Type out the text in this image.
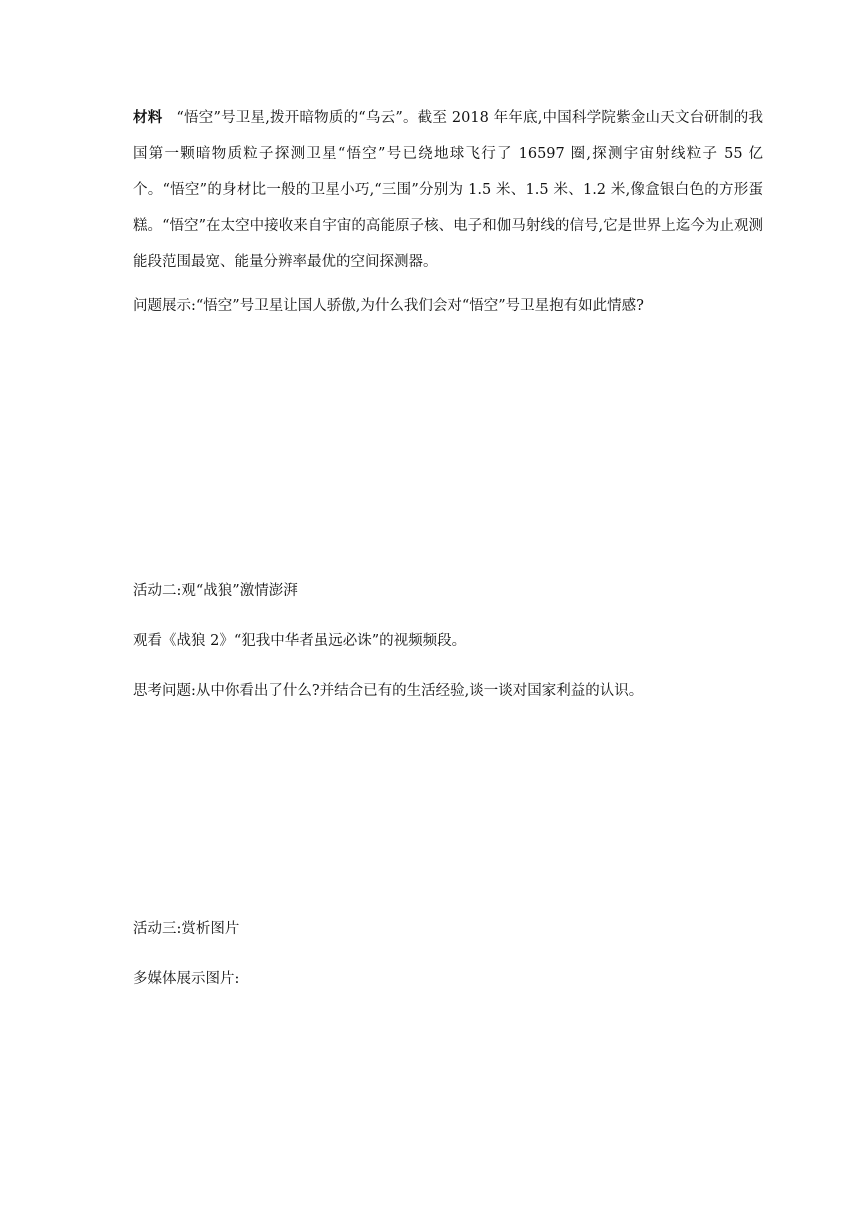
材料 “悟空”号卫星,拨开暗物质的“乌云”。截至 2018 年年底,中国科学院紫金山天文台研制的我国第一颗暗物质粒子探测卫星“悟空”号已绕地球飞行了 16597 圈,探测宇宙射线粒子 55 亿个。“悟空”的身材比一般的卫星小巧,“三围”分别为 1.5 米、1.5 米、1.2 米,像盒银白色的方形蛋糕。“悟空”在太空中接收来自宇宙的高能原子核、电子和伽马射线的信号,它是世界上迄今为止观测能段范围最宽、能量分辨率最优的空间探测器。
问题展示:“悟空”号卫星让国人骄傲,为什么我们会对“悟空”号卫星抱有如此情感?
活动二:观“战狼”激情澎湃
观看《战狼 2》“犯我中华者虽远必诛”的视频频段。
思考问题:从中你看出了什么?并结合已有的生活经验,谈一谈对国家利益的认识。
活动三:赏析图片
多媒体展示图片:
